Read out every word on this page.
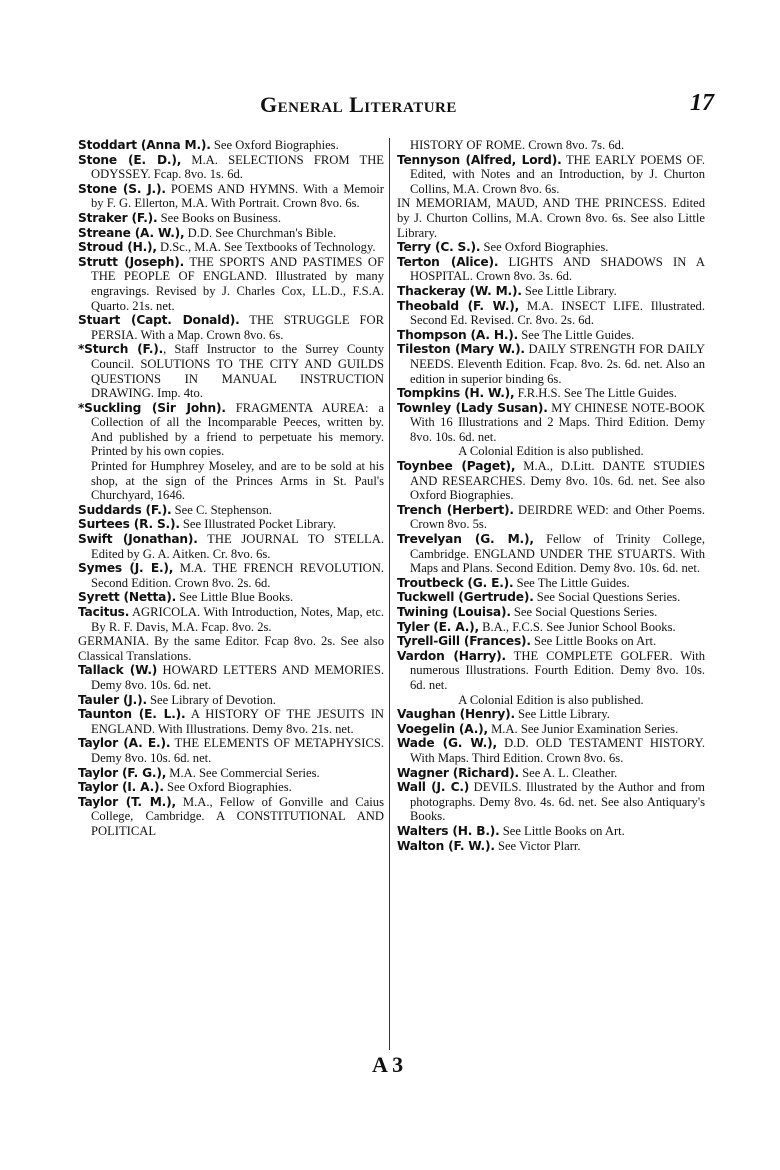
General Literature	17
Stoddart (Anna M.). See Oxford Biographies.
Stone (E. D.), M.A. SELECTIONS FROM THE ODYSSEY. Fcap. 8vo. 1s. 6d.
Stone (S. J.). POEMS AND HYMNS. With a Memoir by F. G. Ellerton, M.A. With Portrait. Crown 8vo. 6s.
Straker (F.). See Books on Business.
Streane (A. W.), D.D. See Churchman's Bible.
Stroud (H.), D.Sc., M.A. See Textbooks of Technology.
Strutt (Joseph). THE SPORTS AND PASTIMES OF THE PEOPLE OF ENGLAND. Illustrated by many engravings. Revised by J. Charles Cox, LL.D., F.S.A. Quarto. 21s. net.
Stuart (Capt. Donald). THE STRUGGLE FOR PERSIA. With a Map. Crown 8vo. 6s.
*Sturch (F.)., Staff Instructor to the Surrey County Council. SOLUTIONS TO THE CITY AND GUILDS QUESTIONS IN MANUAL INSTRUCTION DRAWING. Imp. 4to.
*Suckling (Sir John). FRAGMENTA AUREA: a Collection of all the Incomparable Peeces, written by. And published by a friend to perpetuate his memory. Printed by his own copies.
Printed for Humphrey Moseley, and are to be sold at his shop, at the sign of the Princes Arms in St. Paul's Churchyard, 1646.
Suddards (F.). See C. Stephenson.
Surtees (R. S.). See Illustrated Pocket Library.
Swift (Jonathan). THE JOURNAL TO STELLA. Edited by G. A. Aitken. Cr. 8vo. 6s.
Symes (J. E.), M.A. THE FRENCH REVOLUTION. Second Edition. Crown 8vo. 2s. 6d.
Syrett (Netta). See Little Blue Books.
Tacitus. AGRICOLA. With Introduction, Notes, Map, etc. By R. F. Davis, M.A. Fcap. 8vo. 2s.
GERMANIA. By the same Editor. Fcap 8vo. 2s. See also Classical Translations.
Tallack (W.) HOWARD LETTERS AND MEMORIES. Demy 8vo. 10s. 6d. net.
Tauler (J.). See Library of Devotion.
Taunton (E. L.). A HISTORY OF THE JESUITS IN ENGLAND. With Illustrations. Demy 8vo. 21s. net.
Taylor (A. E.). THE ELEMENTS OF METAPHYSICS. Demy 8vo. 10s. 6d. net.
Taylor (F. G.), M.A. See Commercial Series.
Taylor (I. A.). See Oxford Biographies.
Taylor (T. M.), M.A., Fellow of Gonville and Caius College, Cambridge. A CONSTITUTIONAL AND POLITICAL
HISTORY OF ROME. Crown 8vo. 7s. 6d.
Tennyson (Alfred, Lord). THE EARLY POEMS OF. Edited, with Notes and an Introduction, by J. Churton Collins, M.A. Crown 8vo. 6s.
IN MEMORIAM, MAUD, AND THE PRINCESS. Edited by J. Churton Collins, M.A. Crown 8vo. 6s. See also Little Library.
Terry (C. S.). See Oxford Biographies.
Terton (Alice). LIGHTS AND SHADOWS IN A HOSPITAL. Crown 8vo. 3s. 6d.
Thackeray (W. M.). See Little Library.
Theobald (F. W.), M.A. INSECT LIFE. Illustrated. Second Ed. Revised. Cr. 8vo. 2s. 6d.
Thompson (A. H.). See The Little Guides.
Tileston (Mary W.). DAILY STRENGTH FOR DAILY NEEDS. Eleventh Edition. Fcap. 8vo. 2s. 6d. net. Also an edition in superior binding 6s.
Tompkins (H. W.), F.R.H.S. See The Little Guides.
Townley (Lady Susan). MY CHINESE NOTE-BOOK With 16 Illustrations and 2 Maps. Third Edition. Demy 8vo. 10s. 6d. net.
A Colonial Edition is also published.
Toynbee (Paget), M.A., D.Litt. DANTE STUDIES AND RESEARCHES. Demy 8vo. 10s. 6d. net. See also Oxford Biographies.
Trench (Herbert). DEIRDRE WED: and Other Poems. Crown 8vo. 5s.
Trevelyan (G. M.), Fellow of Trinity College, Cambridge. ENGLAND UNDER THE STUARTS. With Maps and Plans. Second Edition. Demy 8vo. 10s. 6d. net.
Troutbeck (G. E.). See The Little Guides.
Tuckwell (Gertrude). See Social Questions Series.
Twining (Louisa). See Social Questions Series.
Tyler (E. A.), B.A., F.C.S. See Junior School Books.
Tyrell-Gill (Frances). See Little Books on Art.
Vardon (Harry). THE COMPLETE GOLFER. With numerous Illustrations. Fourth Edition. Demy 8vo. 10s. 6d. net.
A Colonial Edition is also published.
Vaughan (Henry). See Little Library.
Voegelin (A.), M.A. See Junior Examination Series.
Wade (G. W.), D.D. OLD TESTAMENT HISTORY. With Maps. Third Edition. Crown 8vo. 6s.
Wagner (Richard). See A. L. Cleather.
Wall (J. C.) DEVILS. Illustrated by the Author and from photographs. Demy 8vo. 4s. 6d. net. See also Antiquary's Books.
Walters (H. B.). See Little Books on Art.
Walton (F. W.). See Victor Plarr.
A 3
